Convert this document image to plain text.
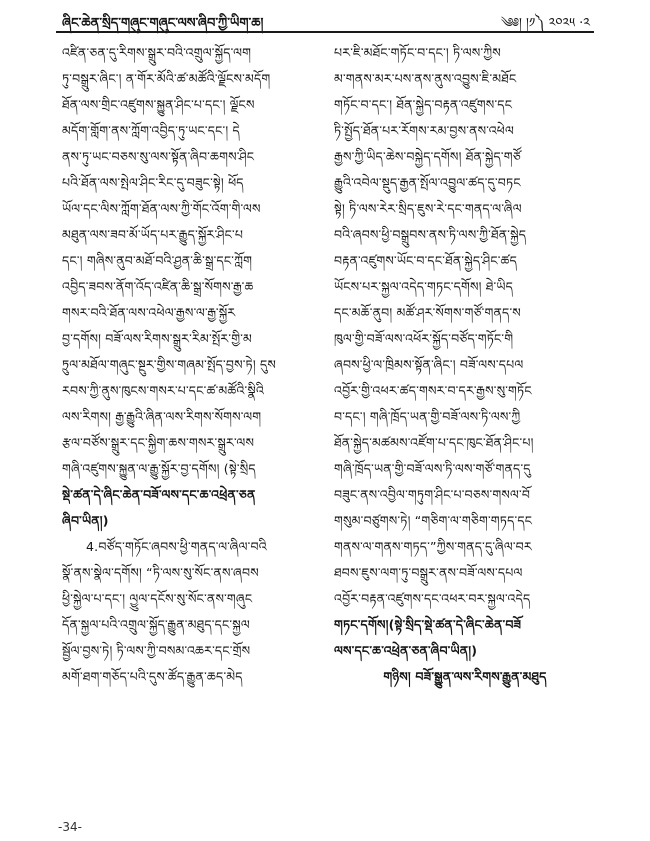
ཞིང་ཆེན་སྲིད་གཞུང་གཞུང་ལས་ཞིབ་ཀྱི་ཡིག་ཆ།	༄༅། །༡༽ ༢༠༢༥ ·༢
འཛིན་ཅན་དུ་རིགས་སྒྲུར་བའི་འགྲུལ་སྐྱོད་ལག
ཏུ་བསྒྲུར་ཞིང་། ན་གོར་མོའི་ཚ་མཚོའི་ལྗོངས་མདོག
ཐོན་ལས་གྲིང་འཛུགས་སྐྱུན་ཤིང་པ་དང་། ལྗོངས
མདོག་གློག་ནས་ཀློག་འབྱིད་ཏུ་ཡང་དང་། དེ
ནས་ཏུ་ཡང་བཅས་སུ་ལས་སྟོན་ཞིབ་ཆགས་ཤིང
པའི་ཐོན་ལས་སྤེལ་ཤིང་རིང་དུ་བཟུང་སྟེ། ཕོད
ཡོལ་དང་ལིས་ཀློག་ཐོན་ལས་ཀྱི་གོང་འོག་གི་ལས
མཐུན་ལས་ཟབ་མོ་ཡོད་པར་རྒྱུད་སྐྱོར་ཤིང་པ
དང་། གཞིས་ནུབ་མཐོ་བའི་ཤྱན་ཆི་སྒྲ་དང་ཀློག
འབྱིད་ཟབས་ནོག་འོད་འཛིན་ཆི་སྒྲ་སོགས་རྒྱ་ཆ
གསར་བའི་ཐོན་ལས་འཕེལ་རྒྱས་ལ་རྒྱ་སྐྱོར
བྱ་དགོས། བཟོ་ལས་རིགས་སྒྲུར་རིམ་སྤོར་གྱི་མ
ཏྲུལ་མཐོལ་གཞུང་སྔུར་གྱིས་གཞམ་སྤོད་བྱས་ཏེ། དུས
རབས་ཀྱི་ནུས་ཁུངས་གསར་པ་དང་ཚ་མཚོའི་སྣིའི
ལས་རིགས། རྒྱ་རྒྱུའི་ཞིན་ལས་རིགས་སོགས་ལག
རྩལ་བཙོས་སྒྲུར་དང་སྐྱིག་ཆས་གསར་སྒྲུར་ལས
གཞི་འཛུགས་སྐྱུན་ལ་རྒྱུ་སྐྱོར་བྱ་དགོས། (སྟེ་སྲིད
སྡེ་ཚན་དེ་ཞིང་ཆེན་བཟོ་ལས་དང་ཆ་འཕྲེན་ཅན
ཞིབ་ཡིན།)
4.བཙོད་གཏོང་ཞབས་ཕྱི་གནད་ལ་ཞིལ་བའི
སྣོ་ནས་སྣེལ་དགོས། “ཏི་ལས་སུ་སོང་ནས་ཞབས
ཕྱི་སྐྱེལ་པ་དང་། ལྱུལ་དངོས་སུ་སོང་ནས་གཞུང
དོན་སྐྱལ་པའི་འགྲུལ་སྐྱོད་རྒྱུན་མཐུད་དང་སྐྱལ
སྦྱོལ་བྱས་ཏེ། ཏི་ལས་ཀྱི་བསམ་འཆར་དང་གྲོས
མགོ་ཐག་གཅོད་པའི་དུས་ཚོད་རྒྱུན་ཆད་མེད
པར་ཇི་མཐོང་གཏོང་བ་དང་། ཏི་ལས་ཀྱིས
མ་གནས་མར་པས་ནས་ནུས་འབྱུས་ཇི་མཐོང
གཏོང་བ་དང་། ཐོན་སྐྱེད་བརྟན་འཛུགས་དང
ཏི་སྤྱོད་ཐོན་པར་རོགས་རམ་བྱས་ནས་འཕེལ
རྒྱས་ཀྱི་ཡིད་ཆེས་བསྐྱེད་དགོས། ཐོན་སྐྱེད་གཙོ
རྒྱུའི་འབེལ་སྡུད་རྒྱན་སྤོལ་འབྱུལ་ཚད་དུ་བཏང
སྟེ། ཏི་ལས་རེར་སྲིད་ཇུས་རེ་དང་གནད་ལ་ཞིལ
བའི་ཞབས་ཕྱི་བསྒྲུབས་ནས་ཏི་ལས་ཀྱི་ཐོན་སྐྱེད
བརྟན་འཛུགས་ཡོང་བ་དང་ཐོན་སྐྱེད་ཤིང་ཚད
ཡོངས་པར་སྐྱལ་འདེད་གཏང་དགོས། ཐེ་ཡིད
དང་མཆོ་ནུབ། མཚོ་ཤར་སོགས་གཙོ་གནད་ས
ཁུལ་གྱི་བཟོ་ལས་འཕོར་སྐྱོད་བཙོད་གཏོང་གི
ཞབས་ཕྱི་ལ་ཁྲིམས་སྟོན་ཞིང་། བཟོ་ལས་དཔལ
འབྱོར་གྱི་འཕར་ཚད་གསར་བ་དར་རྒྱས་སུ་གཏོང
བ་དང་། གཞི་ཁྲོད་ཡན་གྱི་བཟོ་ལས་ཏི་ལས་ཀྱི
ཐོན་སྐྱེད་མཚམས་འཛོག་པ་དང་ཁུང་ཐོན་ཤིང་པ།
གཞི་ཁྲོད་ཡན་གྱི་བཟོ་ལས་ཏི་ལས་གཙོ་གནད་དུ
བཟུང་ནས་འབྱིལ་གཏུག་ཤིང་པ་བཅས་གསལ་བོ
གསུམ་བཙུགས་ཏེ། “གཅིག་ལ་གཅིག་གཏད་དང
གནས་ལ་གནས་གཏད་”ཀྱིས་གནད་དུ་ཞིལ་བར
ཐབས་ཇུས་ལག་ཏུ་བསྒྲུར་ནས་བཟོ་ལས་དཔལ
འབྱོར་བརྟན་འཛུགས་དང་འཕར་བར་སྐྱལ་འདེད
གཏང་དགོས།(སྟེ་སྲིད་སྡེ་ཚན་དེ་ཞིང་ཆེན་བཟོ
ལས་དང་ཆ་འཕྲེན་ཅན་ཞིབ་ཡིན།)
གཉིས། བཟོ་སྒྱུན་ལས་རིགས་རྒྱུན་མཐུད
-34-
